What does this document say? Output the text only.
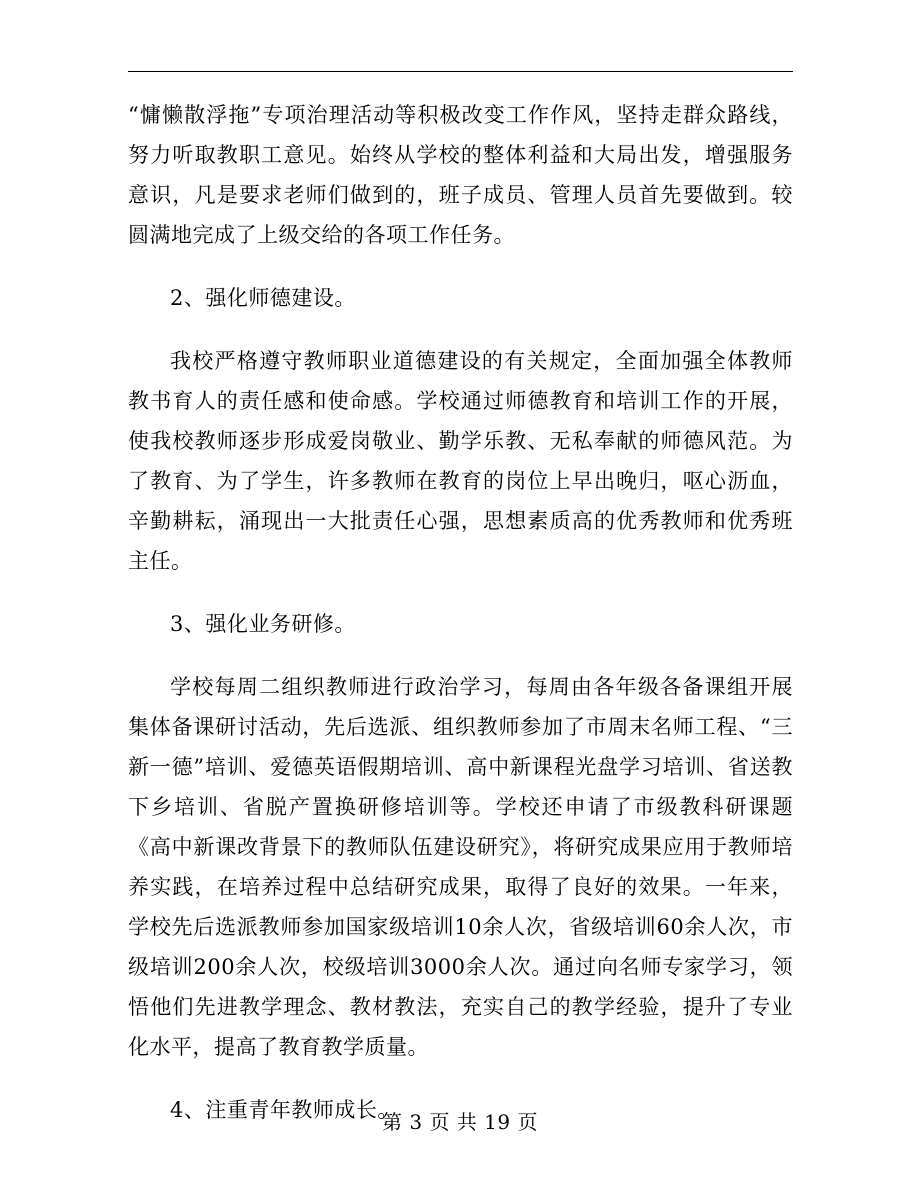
“慵懒散浮拖”专项治理活动等积极改变工作作风，坚持走群众路线，努力听取教职工意见。始终从学校的整体利益和大局出发，增强服务意识，凡是要求老师们做到的，班子成员、管理人员首先要做到。较圆满地完成了上级交给的各项工作任务。

2、强化师德建设。

我校严格遵守教师职业道德建设的有关规定，全面加强全体教师教书育人的责任感和使命感。学校通过师德教育和培训工作的开展，使我校教师逐步形成爱岗敬业、勤学乐教、无私奉献的师德风范。为了教育、为了学生，许多教师在教育的岗位上早出晚归，呕心沥血，辛勤耕耘，涌现出一大批责任心强，思想素质高的优秀教师和优秀班主任。

3、强化业务研修。

学校每周二组织教师进行政治学习，每周由各年级各备课组开展集体备课研讨活动，先后选派、组织教师参加了市周末名师工程、“三新一德”培训、爱德英语假期培训、高中新课程光盘学习培训、省送教下乡培训、省脱产置换研修培训等。学校还申请了市级教科研课题《高中新课改背景下的教师队伍建设研究》，将研究成果应用于教师培养实践，在培养过程中总结研究成果，取得了良好的效果。一年来，学校先后选派教师参加国家级培训10余人次，省级培训60余人次，市级培训200余人次，校级培训3000余人次。通过向名师专家学习，领悟他们先进教学理念、教材教法，充实自己的教学经验，提升了专业化水平，提高了教育教学质量。

4、注重青年教师成长。

第 3 页 共 19 页
